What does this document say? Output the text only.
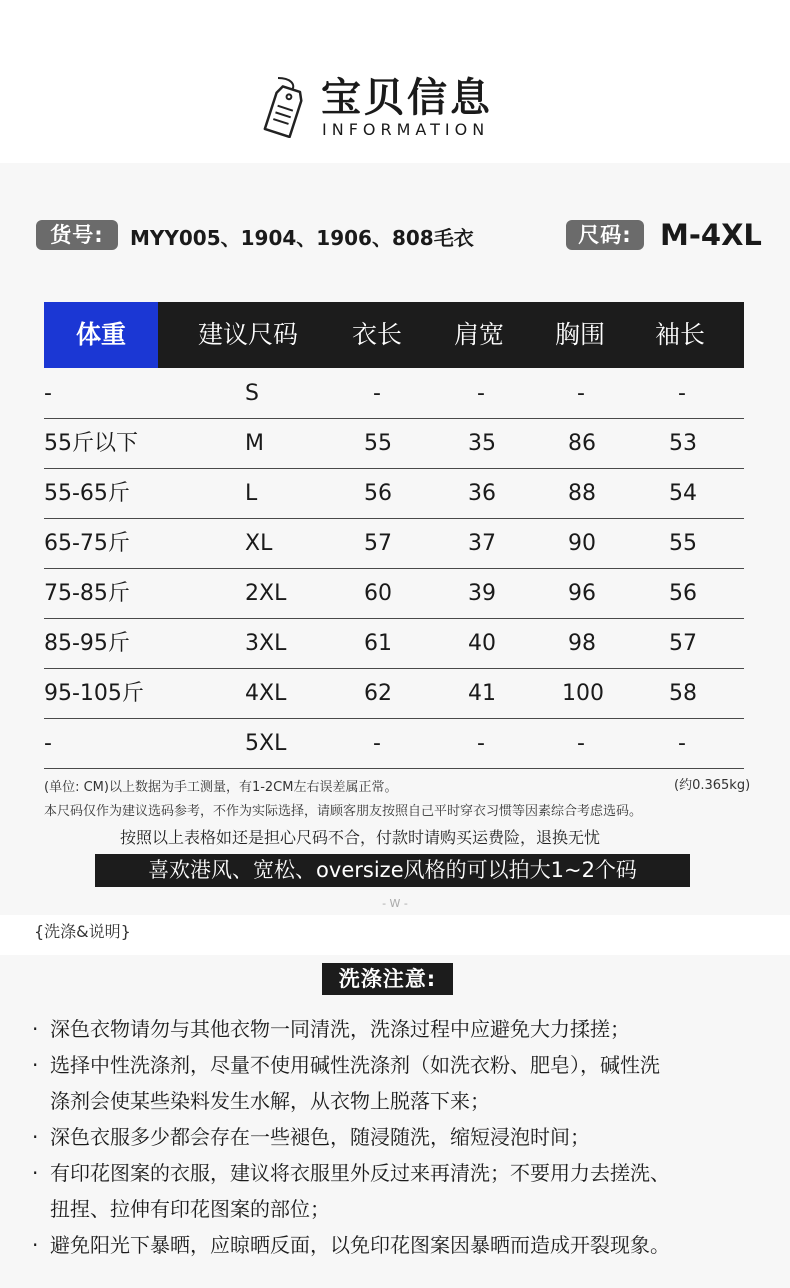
宝贝信息
INFORMATION
货号:	MYY005、1904、1906、808毛衣	尺码: M-4XL
体重	建议尺码 衣长 肩宽 胸围 袖长
-	S	-	-	-	-
55斤以下	M	55	35	86	53
55-65斤	L	56	36	88	54
65-75斤	XL	57	37	90	55
75-85斤	2XL	60	39	96	56
85-95斤	3XL	61	40	98	57
95-105斤	4XL	62	41	100	58
-	5XL	-	-	-	-
(单位: CM)以上数据为手工测量，有1-2CM左右误差属正常。	(约0.365kg)
本尺码仅作为建议选码参考，不作为实际选择，请顾客朋友按照自己平时穿衣习惯等因素综合考虑选码。
按照以上表格如还是担心尺码不合，付款时请购买运费险，退换无忧
喜欢港风、宽松、oversize风格的可以拍大1~2个码
- W -
{洗涤&说明}
洗涤注意:
· 深色衣物请勿与其他衣物一同清洗，洗涤过程中应避免大力揉搓；
· 选择中性洗涤剂，尽量不使用碱性洗涤剂（如洗衣粉、肥皂），碱性洗
涤剂会使某些染料发生水解，从衣物上脱落下来；
· 深色衣服多少都会存在一些褪色，随浸随洗，缩短浸泡时间；
· 有印花图案的衣服，建议将衣服里外反过来再清洗；不要用力去搓洗、
扭捏、拉伸有印花图案的部位；
· 避免阳光下暴晒，应晾晒反面，以免印花图案因暴晒而造成开裂现象。
